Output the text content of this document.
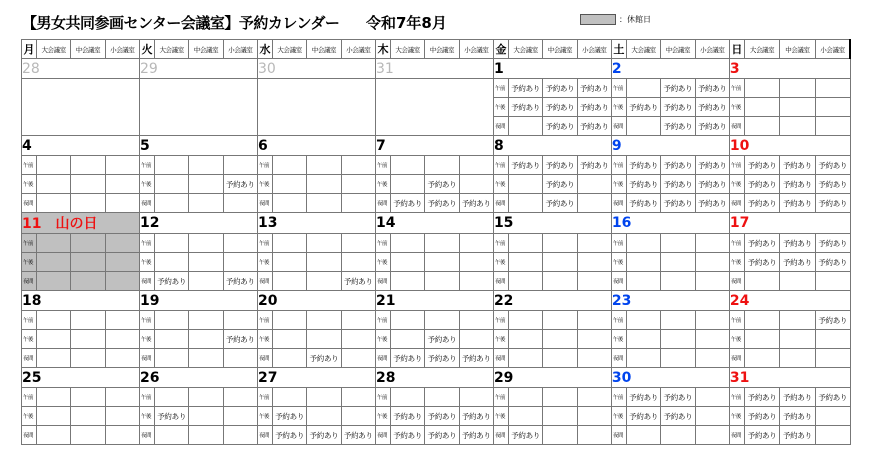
【男女共同参画センター会議室】予約カレンダー 令和7年8月	：休館日
月	大会議室	中会議室	小会議室	火	大会議室	中会議室	小会議室	水	大会議室	中会議室	小会議室	木	大会議室	中会議室	小会議室	金	大会議室	中会議室	小会議室	土	大会議室	中会議室	小会議室	日	大会議室	中会議室	小会議室
28				29				30				31				1				2				3			
																午前	予約あり	予約あり	予約あり	午前		予約あり	予約あり	午前			
																午後	予約あり	予約あり	予約あり	午後	予約あり	予約あり	予約あり	午後			
																夜間		予約あり	予約あり	夜間		予約あり	予約あり	夜間			
4				5				6				7				8				9				10			
午前				午前				午前				午前				午前	予約あり	予約あり	予約あり	午前	予約あり	予約あり	予約あり	午前	予約あり	予約あり	予約あり
午後				午後			予約あり	午後				午後		予約あり		午後		予約あり		午後	予約あり	予約あり	予約あり	午後	予約あり	予約あり	予約あり
夜間				夜間				夜間				夜間	予約あり	予約あり	予約あり	夜間		予約あり		夜間	予約あり	予約あり	予約あり	夜間	予約あり	予約あり	予約あり
11　山の日				12				13				14				15				16				17			
午前				午前				午前				午前				午前				午前				午前	予約あり	予約あり	予約あり
午後				午後				午後				午後				午後				午後				午後	予約あり	予約あり	予約あり
夜間				夜間	予約あり		予約あり	夜間			予約あり	夜間				夜間				夜間				夜間			
18				19				20				21				22				23				24			
午前				午前				午前				午前				午前				午前				午前			予約あり
午後				午後			予約あり	午後				午後		予約あり		午後				午後				午後			
夜間				夜間				夜間		予約あり		夜間	予約あり	予約あり	予約あり	夜間				夜間				夜間			
25				26				27				28				29				30				31			
午前				午前				午前				午前				午前				午前	予約あり	予約あり		午前	予約あり	予約あり	予約あり
午後				午後	予約あり			午後	予約あり			午後	予約あり	予約あり	予約あり	午後				午後	予約あり	予約あり		午後	予約あり	予約あり	
夜間				夜間				夜間	予約あり	予約あり	予約あり	夜間	予約あり	予約あり	予約あり	夜間	予約あり			夜間				夜間	予約あり	予約あり	
